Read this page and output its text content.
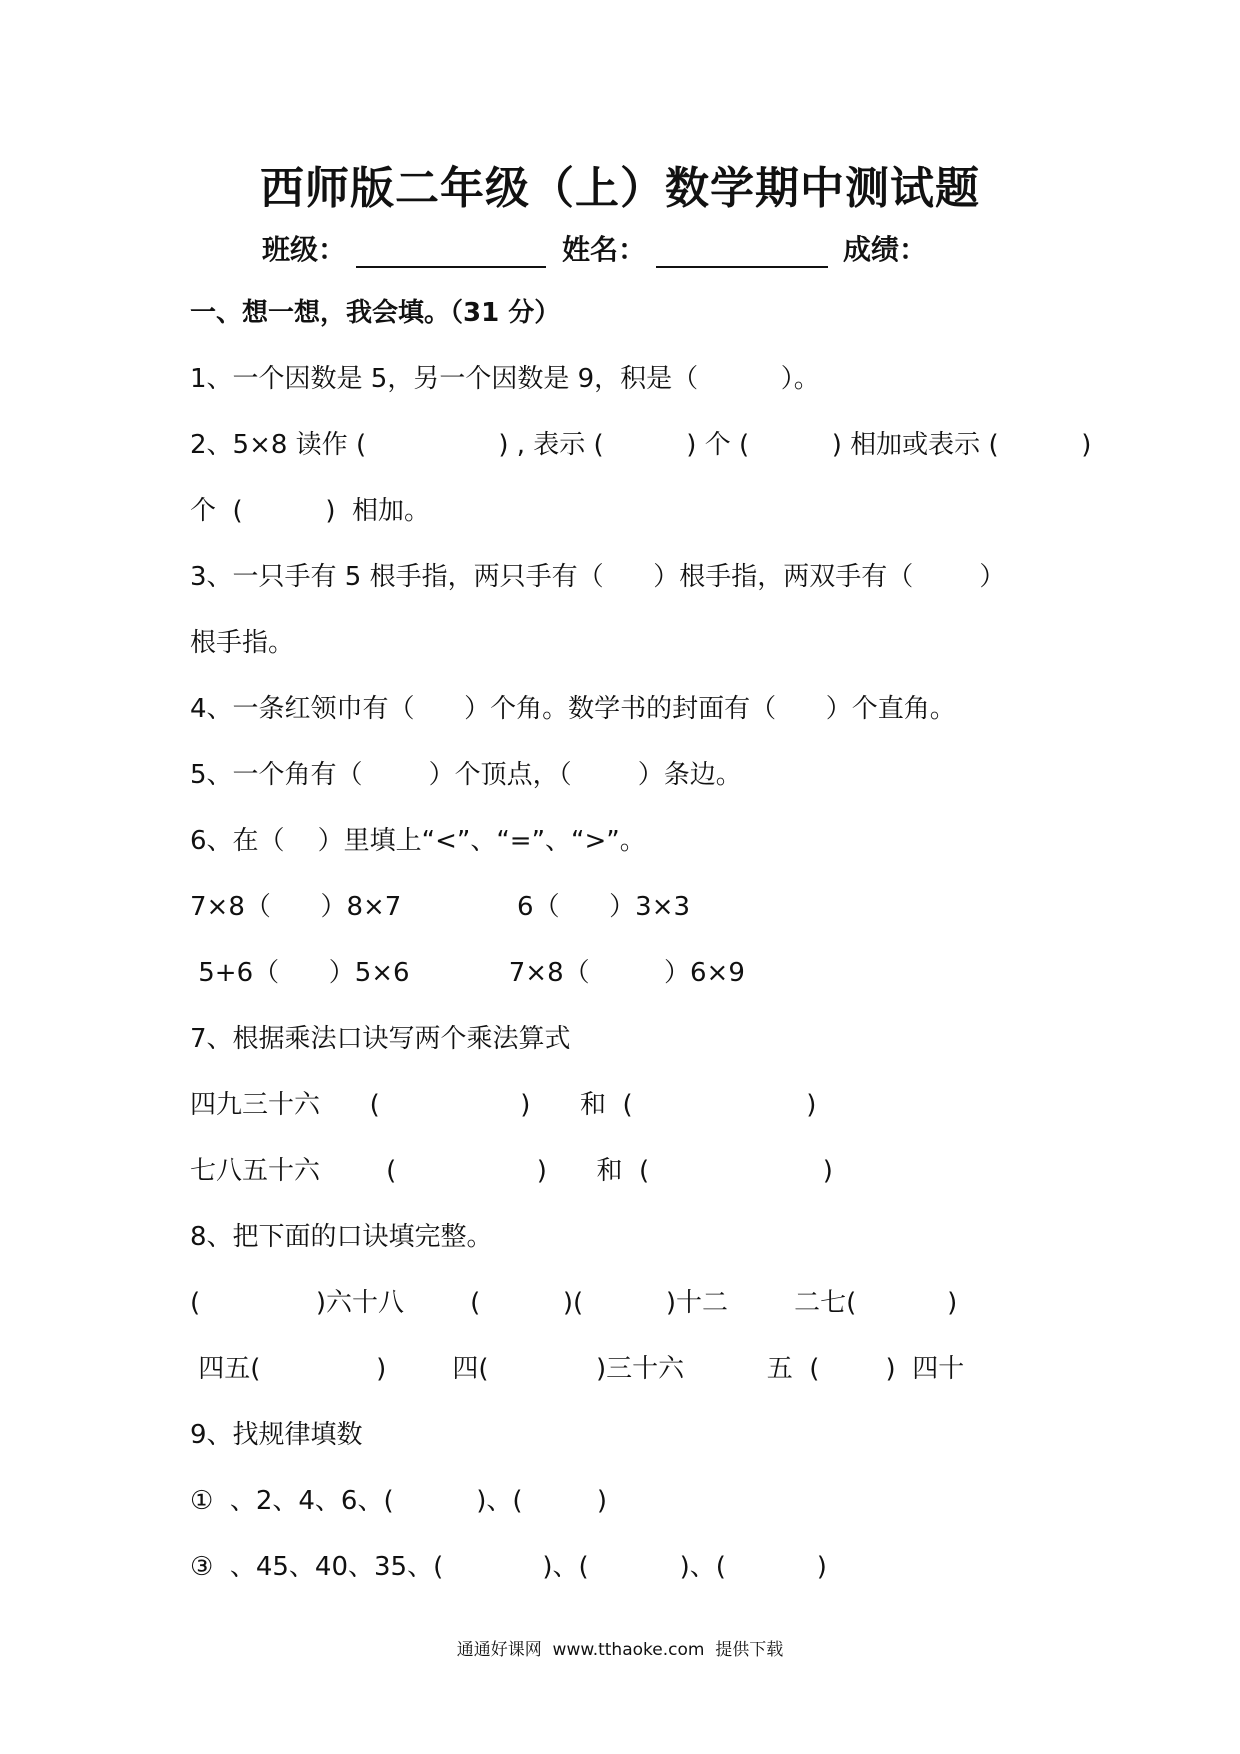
西师版二年级（上）数学期中测试题
班级：	姓名：	成绩：
一、想一想，我会填。（31 分）
1、一个因数是 5，另一个因数是 9，积是（          ）。
2、5×8 读作 (                ) , 表示 (          ) 个 (          ) 相加或表示 (          )
个  (          )  相加。
3、一只手有 5 根手指，两只手有（      ）根手指，两双手有（        ）
根手指。
4、一条红领巾有（      ）个角。数学书的封面有（      ）个直角。
5、一个角有（        ）个顶点，（        ）条边。
6、在（    ）里填上“<”、“=”、“>”。
7×8（      ）8×7              6（      ）3×3
5+6（      ）5×6            7×8（         ）6×9
7、根据乘法口诀写两个乘法算式
四九三十六      (                 )      和  (                     )
七八五十六        (                 )      和  (                     )
8、把下面的口诀填完整。
(              )六十八        (          )(          )十二        二七(           )
四五(              )        四(             )三十六          五  (        )  四十
9、找规律填数
①  、2、4、6、(          )、(         )
③  、45、40、35、(            )、(           )、(           )
通通好课网  www.tthaoke.com  提供下载
